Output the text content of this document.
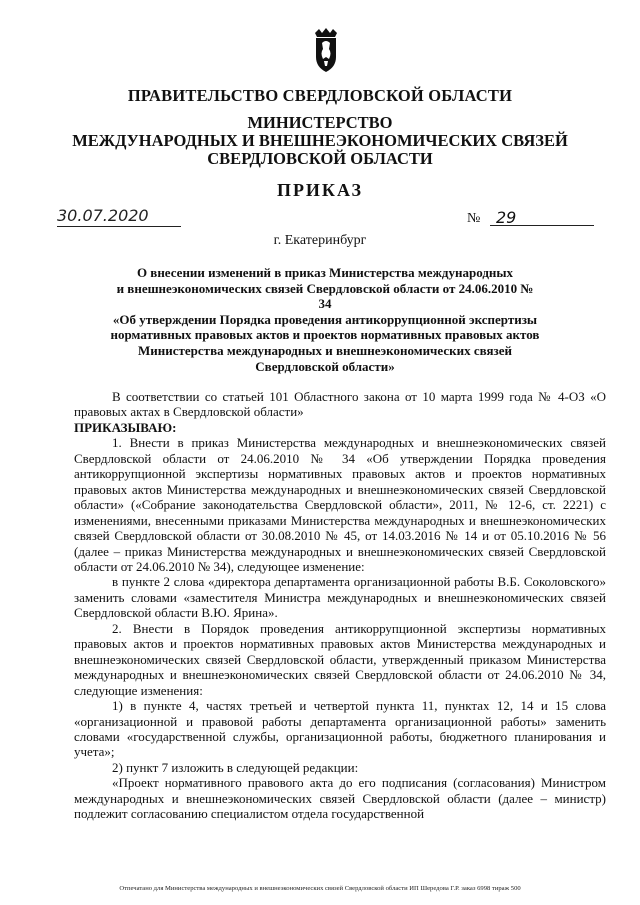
ПРАВИТЕЛЬСТВО СВЕРДЛОВСКОЙ ОБЛАСТИ
МИНИСТЕРСТВО
МЕЖДУНАРОДНЫХ И ВНЕШНЕЭКОНОМИЧЕСКИХ СВЯЗЕЙ
СВЕРДЛОВСКОЙ ОБЛАСТИ
ПРИКАЗ
30.07.2020	№ 29
г. Екатеринбург
О внесении изменений в приказ Министерства международных
и внешнеэкономических связей Свердловской области от 24.06.2010 № 34
«Об утверждении Порядка проведения антикоррупционной экспертизы
нормативных правовых актов и проектов нормативных правовых актов
Министерства международных и внешнеэкономических связей
Свердловской области»

В соответствии со статьей 101 Областного закона от 10 марта 1999 года № 4-ОЗ «О правовых актах в Свердловской области»

ПРИКАЗЫВАЮ:

1. Внести в приказ Министерства международных и внешнеэкономических связей Свердловской области от 24.06.2010 № 34 «Об утверждении Порядка проведения антикоррупционной экспертизы нормативных правовых актов и проектов нормативных правовых актов Министерства международных и внешнеэкономических связей Свердловской области» («Собрание законодательства Свердловской области», 2011, № 12-6, ст. 2221) с изменениями, внесенными приказами Министерства международных и внешнеэкономических связей Свердловской области от 30.08.2010 № 45, от 14.03.2016 № 14 и от 05.10.2016 № 56 (далее – приказ Министерства международных и внешнеэкономических связей Свердловской области от 24.06.2010 № 34), следующее изменение:

в пункте 2 слова «директора департамента организационной работы В.Б. Соколовского» заменить словами «заместителя Министра международных и внешнеэкономических связей Свердловской области В.Ю. Ярина».

2. Внести в Порядок проведения антикоррупционной экспертизы нормативных правовых актов и проектов нормативных правовых актов Министерства международных и внешнеэкономических связей Свердловской области, утвержденный приказом Министерства международных и внешнеэкономических связей Свердловской области от 24.06.2010 № 34, следующие изменения:

1) в пункте 4, частях третьей и четвертой пункта 11, пунктах 12, 14 и 15 слова «организационной и правовой работы департамента организационной работы» заменить словами «государственной службы, организационной работы, бюджетного планирования и учета»;

2) пункт 7 изложить в следующей редакции:

«Проект нормативного правового акта до его подписания (согласования) Министром международных и внешнеэкономических связей Свердловской области (далее – министр) подлежит согласованию специалистом отдела государственной

Отпечатано для Министерства международных и внешнеэкономических связей Свердловской области ИП Шередова Г.Р. заказ 6998 тираж 500
